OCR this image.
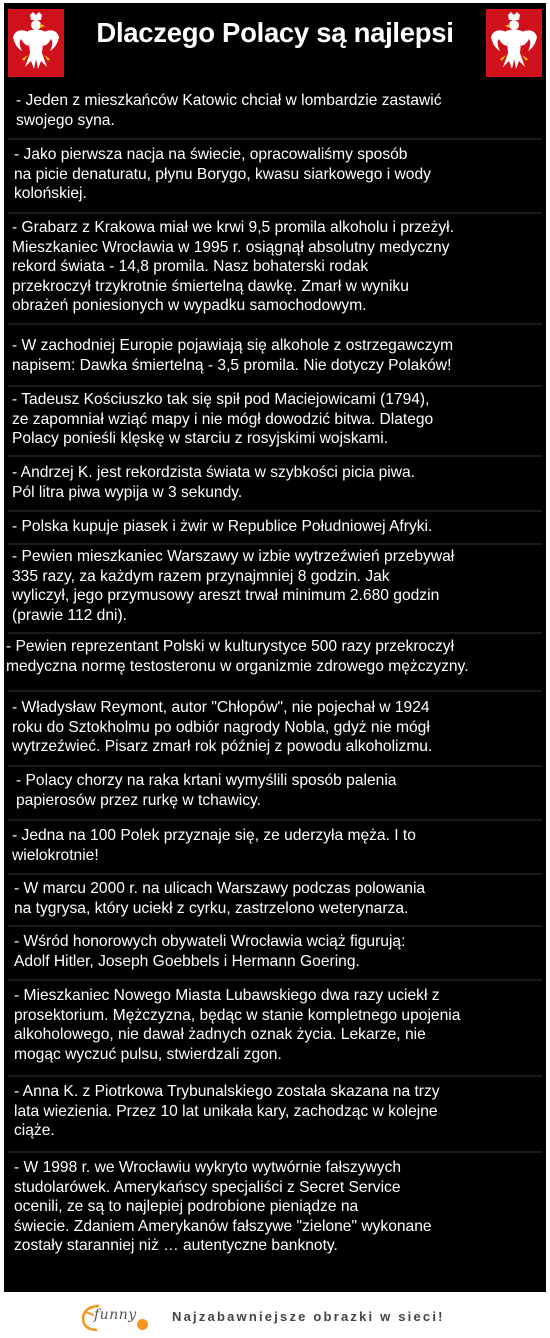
Dlaczego Polacy są najlepsi
- Jeden z mieszkańców Katowic chciał w lombardzie zastawić
swojego syna.
- Jako pierwsza nacja na świecie, opracowaliśmy sposób
na picie denaturatu, płynu Borygo, kwasu siarkowego i wody
kolońskiej.
- Grabarz z Krakowa miał we krwi 9,5 promila alkoholu i przeżył.
Mieszkaniec Wrocławia w 1995 r. osiągnął absolutny medyczny
rekord świata - 14,8 promila. Nasz bohaterski rodak
przekroczył trzykrotnie śmiertelną dawkę. Zmarł w wyniku
obrażeń poniesionych w wypadku samochodowym.
- W zachodniej Europie pojawiają się alkohole z ostrzegawczym
napisem: Dawka śmiertelną - 3,5 promila. Nie dotyczy Polaków!
- Tadeusz Kościuszko tak się spił pod Maciejowicami (1794),
ze zapomniał wziąć mapy i nie mógł dowodzić bitwa. Dlatego
Polacy ponieśli klęskę w starciu z rosyjskimi wojskami.
- Andrzej K. jest rekordzista świata w szybkości picia piwa.
Pól litra piwa wypija w 3 sekundy.
- Polska kupuje piasek i żwir w Republice Południowej Afryki.
- Pewien mieszkaniec Warszawy w izbie wytrzeźwień przebywał
335 razy, za każdym razem przynajmniej 8 godzin. Jak
wyliczył, jego przymusowy areszt trwał minimum 2.680 godzin
(prawie 112 dni).
- Pewien reprezentant Polski w kulturystyce 500 razy przekroczył
medyczna normę testosteronu w organizmie zdrowego mężczyzny.
- Władysław Reymont, autor "Chłopów", nie pojechał w 1924
roku do Sztokholmu po odbiór nagrody Nobla, gdyż nie mógł
wytrzeźwieć. Pisarz zmarł rok później z powodu alkoholizmu.
- Polacy chorzy na raka krtani wymyślili sposób palenia
papierosów przez rurkę w tchawicy.
- Jedna na 100 Polek przyznaje się, ze uderzyła męża. I to
wielokrotnie!
- W marcu 2000 r. na ulicach Warszawy podczas polowania
na tygrysa, który uciekł z cyrku, zastrzelono weterynarza.
- Wśród honorowych obywateli Wrocławia wciąż figurują:
Adolf Hitler, Joseph Goebbels i Hermann Goering.
- Mieszkaniec Nowego Miasta Lubawskiego dwa razy uciekł z
prosektorium. Mężczyzna, będąc w stanie kompletnego upojenia
alkoholowego, nie dawał żadnych oznak życia. Lekarze, nie
mogąc wyczuć pulsu, stwierdzali zgon.
- Anna K. z Piotrkowa Trybunalskiego została skazana na trzy
lata wiezienia. Przez 10 lat unikała kary, zachodząc w kolejne
ciąże.
- W 1998 r. we Wrocławiu wykryto wytwórnie fałszywych
studolarówek. Amerykańscy specjaliści z Secret Service
ocenili, ze są to najlepiej podrobione pieniądze na
świecie. Zdaniem Amerykanów fałszywe "zielone" wykonane
zostały staranniej niż … autentyczne banknoty.
funny	Najzabawniejsze obrazki w sieci!
